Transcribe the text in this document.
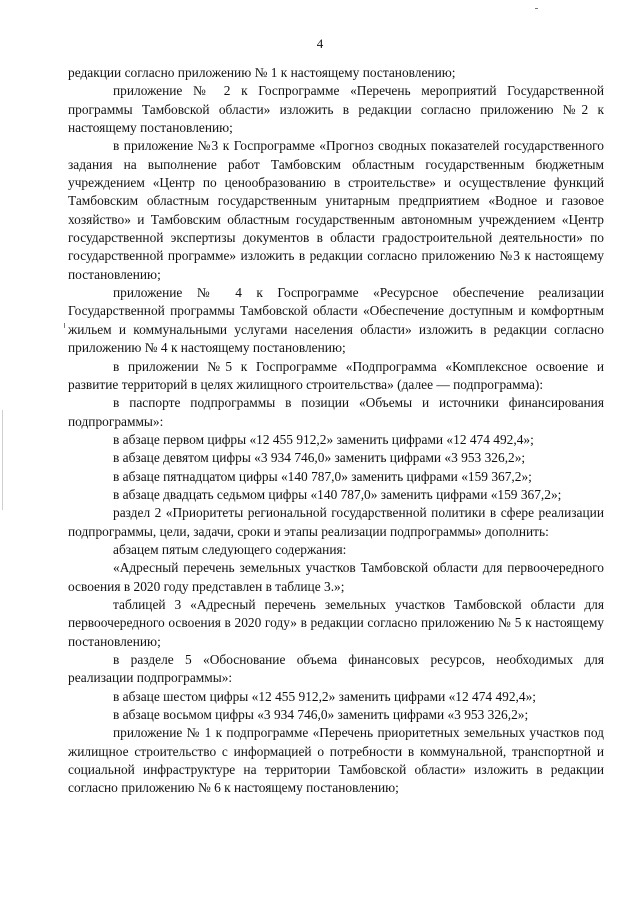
4

редакции согласно приложению № 1 к настоящему постановлению;

приложение № 2 к Госпрограмме «Перечень мероприятий Государственной программы Тамбовской области» изложить в редакции согласно приложению №2 к настоящему постановлению;

в приложение №3 к Госпрограмме «Прогноз сводных показателей государственного задания на выполнение работ Тамбовским областным государственным бюджетным учреждением «Центр по ценообразованию в строительстве» и осуществление функций Тамбовским областным государственным унитарным предприятием «Водное и газовое хозяйство» и Тамбовским областным государственным автономным учреждением «Центр государственной экспертизы документов в области градостроительной деятельности» по государственной программе» изложить в редакции согласно приложению №3 к настоящему постановлению;

приложение № 4 к Госпрограмме «Ресурсное обеспечение реализации Государственной программы Тамбовской области «Обеспечение доступным и комфортным жильем и коммунальными услугами населения области» изложить в редакции согласно приложению № 4 к настоящему постановлению;

в приложении №5 к Госпрограмме «Подпрограмма «Комплексное освоение и развитие территорий в целях жилищного строительства» (далее — подпрограмма):

в паспорте подпрограммы в позиции «Объемы и источники финансирования подпрограммы»:

в абзаце первом цифры «12 455 912,2» заменить цифрами «12 474 492,4»;

в абзаце девятом цифры «3 934 746,0» заменить цифрами «3 953 326,2»;

в абзаце пятнадцатом цифры «140 787,0» заменить цифрами «159 367,2»;

в абзаце двадцать седьмом цифры «140 787,0» заменить цифрами «159 367,2»;

раздел 2 «Приоритеты региональной государственной политики в сфере реализации подпрограммы, цели, задачи, сроки и этапы реализации подпрограммы» дополнить:

абзацем пятым следующего содержания:

«Адресный перечень земельных участков Тамбовской области для первоочередного освоения в 2020 году представлен в таблице 3.»;

таблицей 3 «Адресный перечень земельных участков Тамбовской области для первоочередного освоения в 2020 году» в редакции согласно приложению № 5 к настоящему постановлению;

в разделе 5 «Обоснование объема финансовых ресурсов, необходимых для реализации подпрограммы»:

в абзаце шестом цифры «12 455 912,2» заменить цифрами «12 474 492,4»;

в абзаце восьмом цифры «3 934 746,0» заменить цифрами «3 953 326,2»;

приложение № 1 к подпрограмме «Перечень приоритетных земельных участков под жилищное строительство с информацией о потребности в коммунальной, транспортной и социальной инфраструктуре на территории Тамбовской области» изложить в редакции согласно приложению № 6 к настоящему постановлению;
